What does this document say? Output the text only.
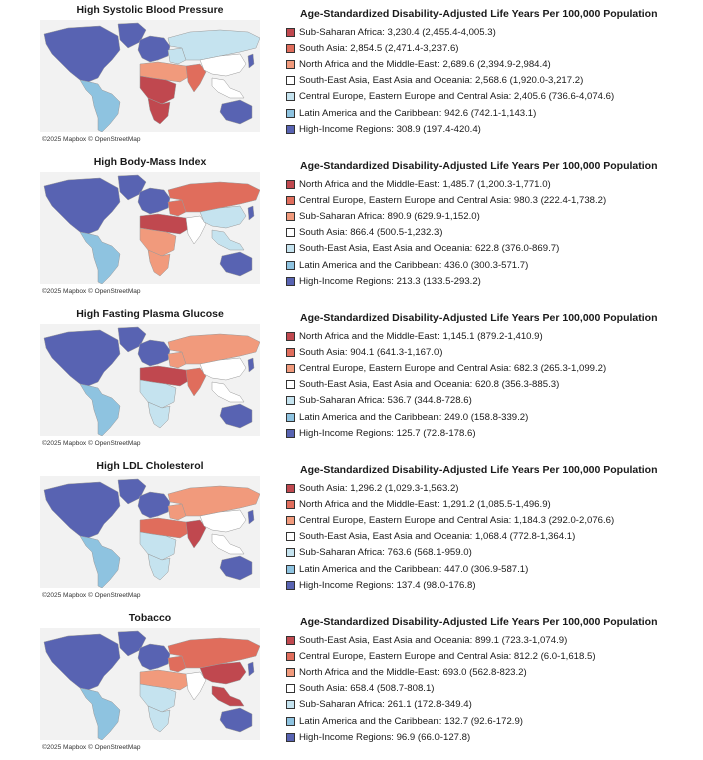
High Systolic Blood Pressure
©2025 Mapbox © OpenStreetMap
Age-Standardized Disability-Adjusted Life Years Per 100,000 Population
Sub-Saharan Africa: 3,230.4 (2,455.4-4,005.3)
South Asia: 2,854.5 (2,471.4-3,237.6)
North Africa and the Middle-East: 2,689.6 (2,394.9-2,984.4)
South-East Asia, East Asia and Oceania: 2,568.6 (1,920.0-3,217.2)
Central Europe, Eastern Europe and Central Asia: 2,405.6 (736.6-4,074.6)
Latin America and the Caribbean: 942.6 (742.1-1,143.1)
High-Income Regions: 308.9 (197.4-420.4)
High Body-Mass Index
©2025 Mapbox © OpenStreetMap
Age-Standardized Disability-Adjusted Life Years Per 100,000 Population
North Africa and the Middle-East: 1,485.7 (1,200.3-1,771.0)
Central Europe, Eastern Europe and Central Asia: 980.3 (222.4-1,738.2)
Sub-Saharan Africa: 890.9 (629.9-1,152.0)
South Asia: 866.4 (500.5-1,232.3)
South-East Asia, East Asia and Oceania: 622.8 (376.0-869.7)
Latin America and the Caribbean: 436.0 (300.3-571.7)
High-Income Regions: 213.3 (133.5-293.2)
High Fasting Plasma Glucose
©2025 Mapbox © OpenStreetMap
Age-Standardized Disability-Adjusted Life Years Per 100,000 Population
North Africa and the Middle-East: 1,145.1 (879.2-1,410.9)
South Asia: 904.1 (641.3-1,167.0)
Central Europe, Eastern Europe and Central Asia: 682.3 (265.3-1,099.2)
South-East Asia, East Asia and Oceania: 620.8 (356.3-885.3)
Sub-Saharan Africa: 536.7 (344.8-728.6)
Latin America and the Caribbean: 249.0 (158.8-339.2)
High-Income Regions: 125.7 (72.8-178.6)
High LDL Cholesterol
©2025 Mapbox © OpenStreetMap
Age-Standardized Disability-Adjusted Life Years Per 100,000 Population
South Asia: 1,296.2 (1,029.3-1,563.2)
North Africa and the Middle-East: 1,291.2 (1,085.5-1,496.9)
Central Europe, Eastern Europe and Central Asia: 1,184.3 (292.0-2,076.6)
South-East Asia, East Asia and Oceania: 1,068.4 (772.8-1,364.1)
Sub-Saharan Africa: 763.6 (568.1-959.0)
Latin America and the Caribbean: 447.0 (306.9-587.1)
High-Income Regions: 137.4 (98.0-176.8)
Tobacco
©2025 Mapbox © OpenStreetMap
Age-Standardized Disability-Adjusted Life Years Per 100,000 Population
South-East Asia, East Asia and Oceania: 899.1 (723.3-1,074.9)
Central Europe, Eastern Europe and Central Asia: 812.2 (6.0-1,618.5)
North Africa and the Middle-East: 693.0 (562.8-823.2)
South Asia: 658.4 (508.7-808.1)
Sub-Saharan Africa: 261.1 (172.8-349.4)
Latin America and the Caribbean: 132.7 (92.6-172.9)
High-Income Regions: 96.9 (66.0-127.8)
